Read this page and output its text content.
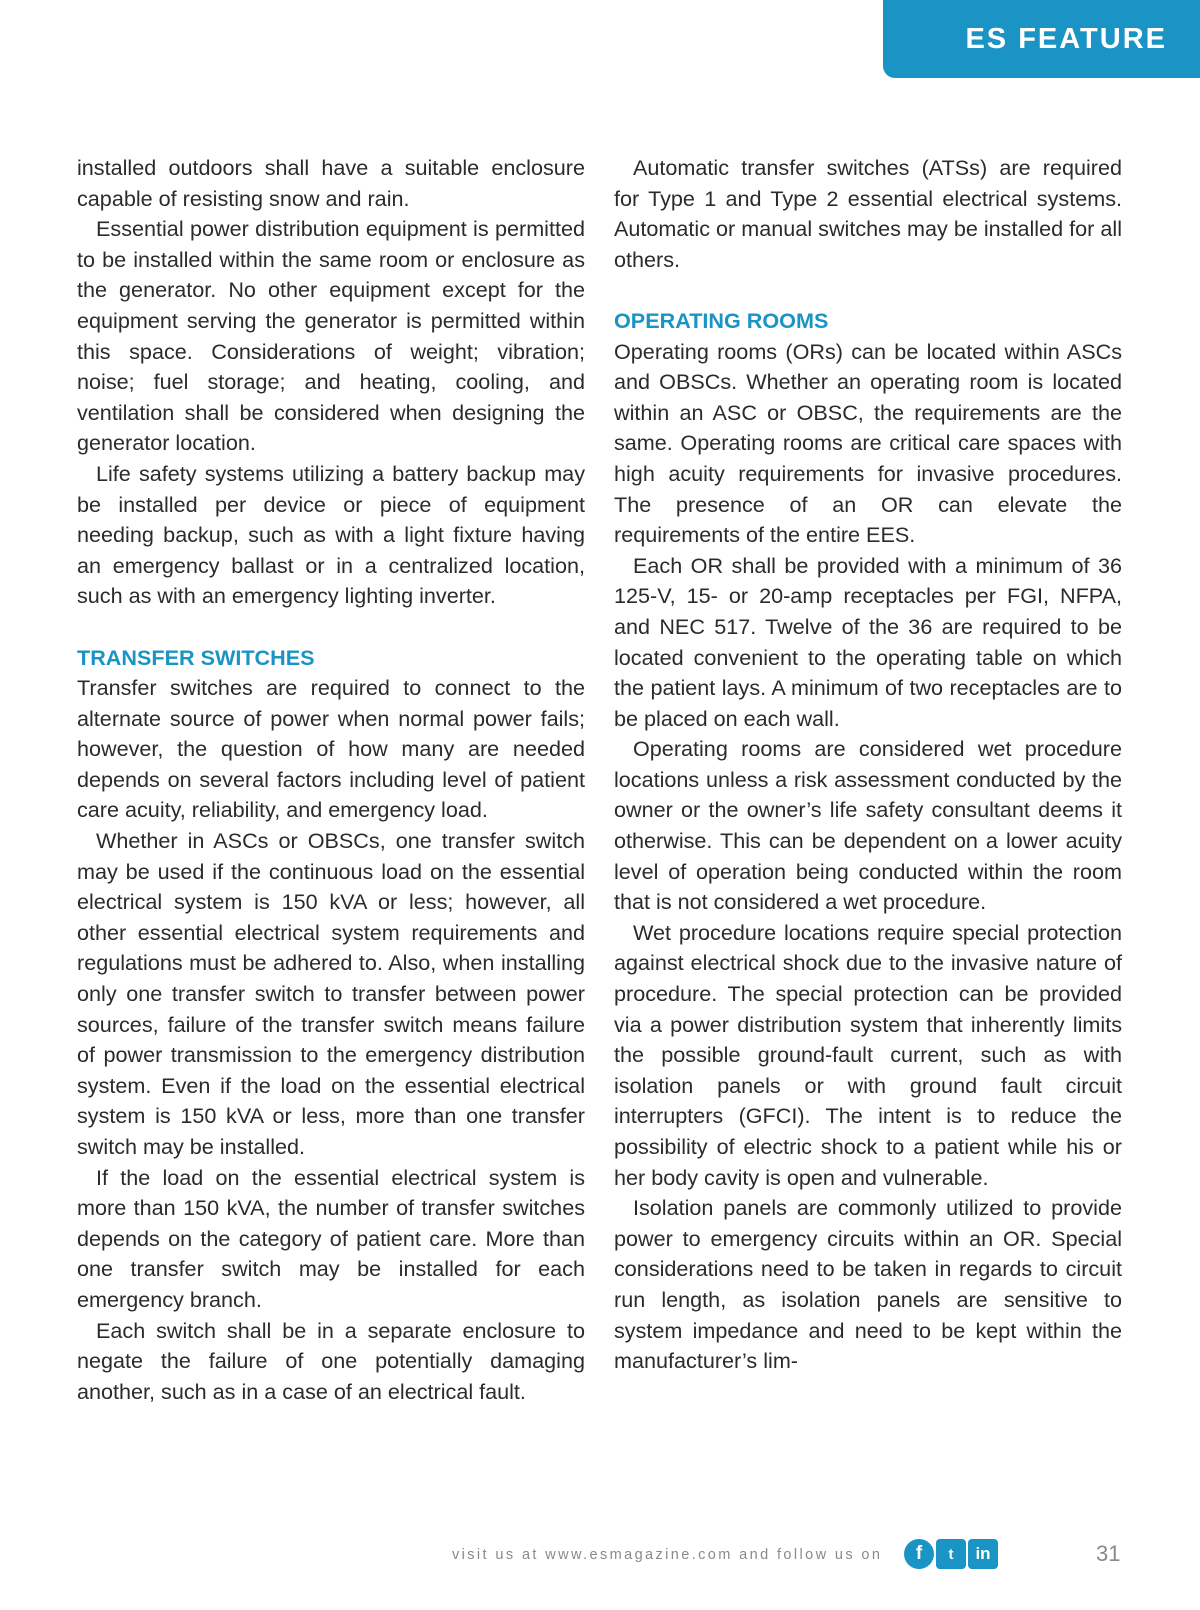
ES FEATURE

installed outdoors shall have a suitable enclosure capable of resisting snow and rain.

Essential power distribution equipment is permitted to be installed within the same room or enclosure as the generator. No other equipment except for the equipment serving the generator is permitted within this space. Considerations of weight; vibration; noise; fuel storage; and heating, cooling, and ventilation shall be considered when designing the generator location.

Life safety systems utilizing a battery backup may be installed per device or piece of equipment needing backup, such as with a light fixture having an emergency ballast or in a centralized location, such as with an emergency lighting inverter.

TRANSFER SWITCHES

Transfer switches are required to connect to the alternate source of power when normal power fails; however, the question of how many are needed depends on several factors including level of patient care acuity, reliability, and emergency load.

Whether in ASCs or OBSCs, one transfer switch may be used if the continuous load on the essential electrical system is 150 kVA or less; however, all other essential electrical system requirements and regulations must be adhered to. Also, when installing only one transfer switch to transfer between power sources, failure of the transfer switch means failure of power transmission to the emergency distribution system. Even if the load on the essential electrical system is 150 kVA or less, more than one transfer switch may be installed.

If the load on the essential electrical system is more than 150 kVA, the number of transfer switches depends on the category of patient care. More than one transfer switch may be installed for each emergency branch.

Each switch shall be in a separate enclosure to negate the failure of one potentially damaging another, such as in a case of an electrical fault.

Automatic transfer switches (ATSs) are required for Type 1 and Type 2 essential electrical systems. Automatic or manual switches may be installed for all others.

OPERATING ROOMS

Operating rooms (ORs) can be located within ASCs and OBSCs. Whether an operating room is located within an ASC or OBSC, the requirements are the same. Operating rooms are critical care spaces with high acuity requirements for invasive procedures. The presence of an OR can elevate the requirements of the entire EES.

Each OR shall be provided with a minimum of 36 125-V, 15- or 20-amp receptacles per FGI, NFPA, and NEC 517. Twelve of the 36 are required to be located convenient to the operating table on which the patient lays. A minimum of two receptacles are to be placed on each wall.

Operating rooms are considered wet procedure locations unless a risk assessment conducted by the owner or the owner’s life safety consultant deems it otherwise. This can be dependent on a lower acuity level of operation being conducted within the room that is not considered a wet procedure.

Wet procedure locations require special protection against electrical shock due to the invasive nature of procedure. The special protection can be provided via a power distribution system that inherently limits the possible ground-fault current, such as with isolation panels or with ground fault circuit interrupters (GFCI). The intent is to reduce the possibility of electric shock to a patient while his or her body cavity is open and vulnerable.

Isolation panels are commonly utilized to provide power to emergency circuits within an OR. Special considerations need to be taken in regards to circuit run length, as isolation panels are sensitive to system impedance and need to be kept within the manufacturer’s lim-

visit us at www.esmagazine.com and follow us on	f	t	in	31
